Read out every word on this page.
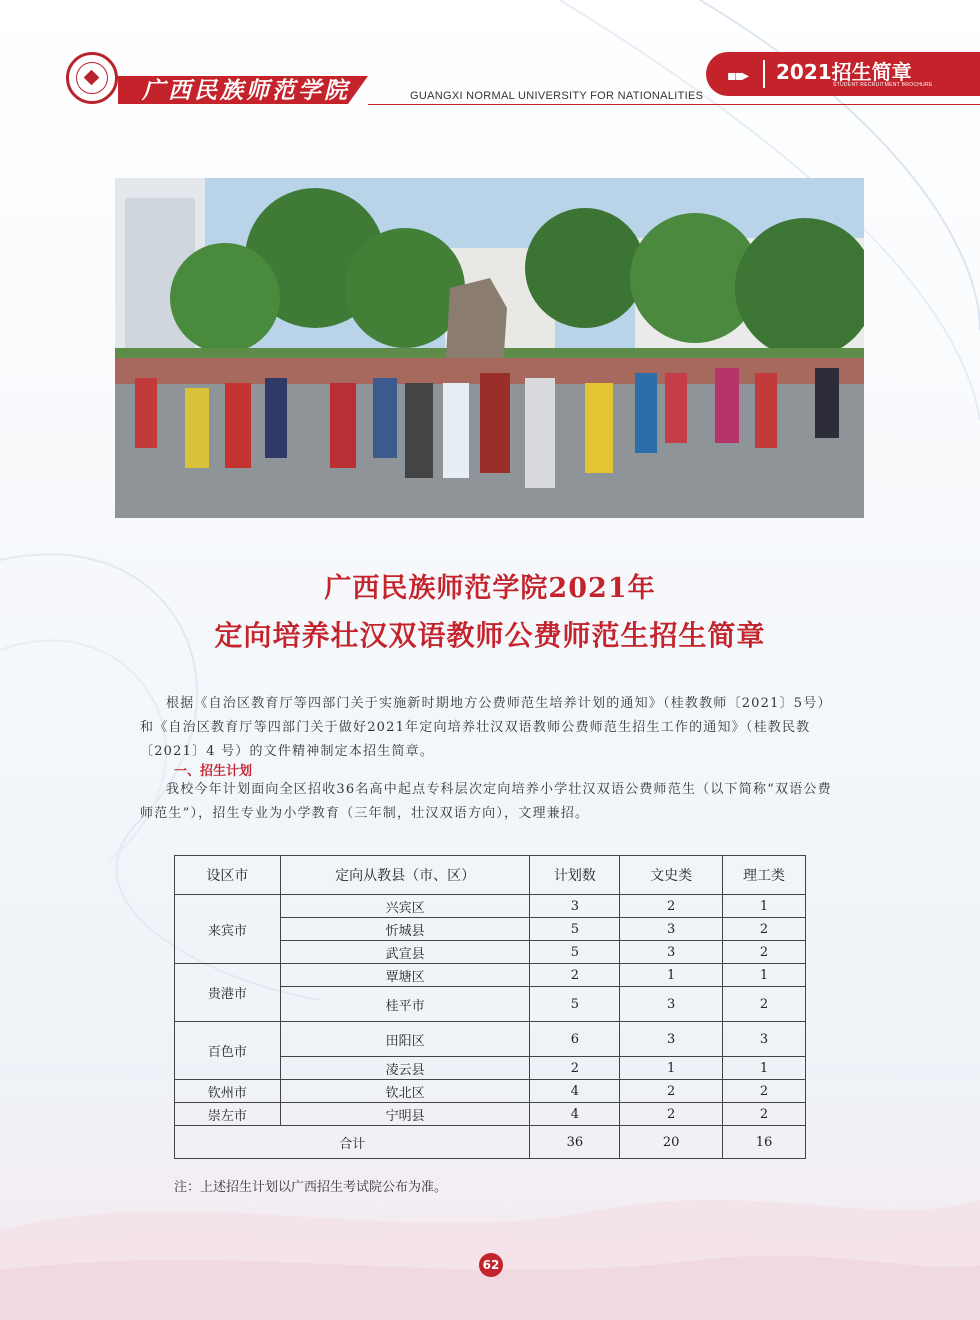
广西民族师范学院	GUANGXI NORMAL UNIVERSITY FOR NATIONALITIES
▪▪▸ 2021招生简章
STUDENT RECRUITMENT BROCHURE
广西民族师范学院2021年
定向培养壮汉双语教师公费师范生招生简章
根据《自治区教育厅等四部门关于实施新时期地方公费师范生培养计划的通知》（桂教教师〔2021〕5号）和《自治区教育厅等四部门关于做好2021年定向培养壮汉双语教师公费师范生招生工作的通知》（桂教民教〔2021〕4 号）的文件精神制定本招生简章。
一、招生计划
我校今年计划面向全区招收36名高中起点专科层次定向培养小学壮汉双语公费师范生（以下简称“双语公费师范生”），招生专业为小学教育（三年制，壮汉双语方向），文理兼招。
设区市	定向从教县（市、区）	计划数	文史类	理工类
来宾市	兴宾区	3	2	1
	忻城县	5	3	2
	武宣县	5	3	2
贵港市	覃塘区	2	1	1
	桂平市	5	3	2
百色市	田阳区	6	3	3
	凌云县	2	1	1
钦州市	钦北区	4	2	2
崇左市	宁明县	4	2	2
合计		36	20	16
注：上述招生计划以广西招生考试院公布为准。
62
